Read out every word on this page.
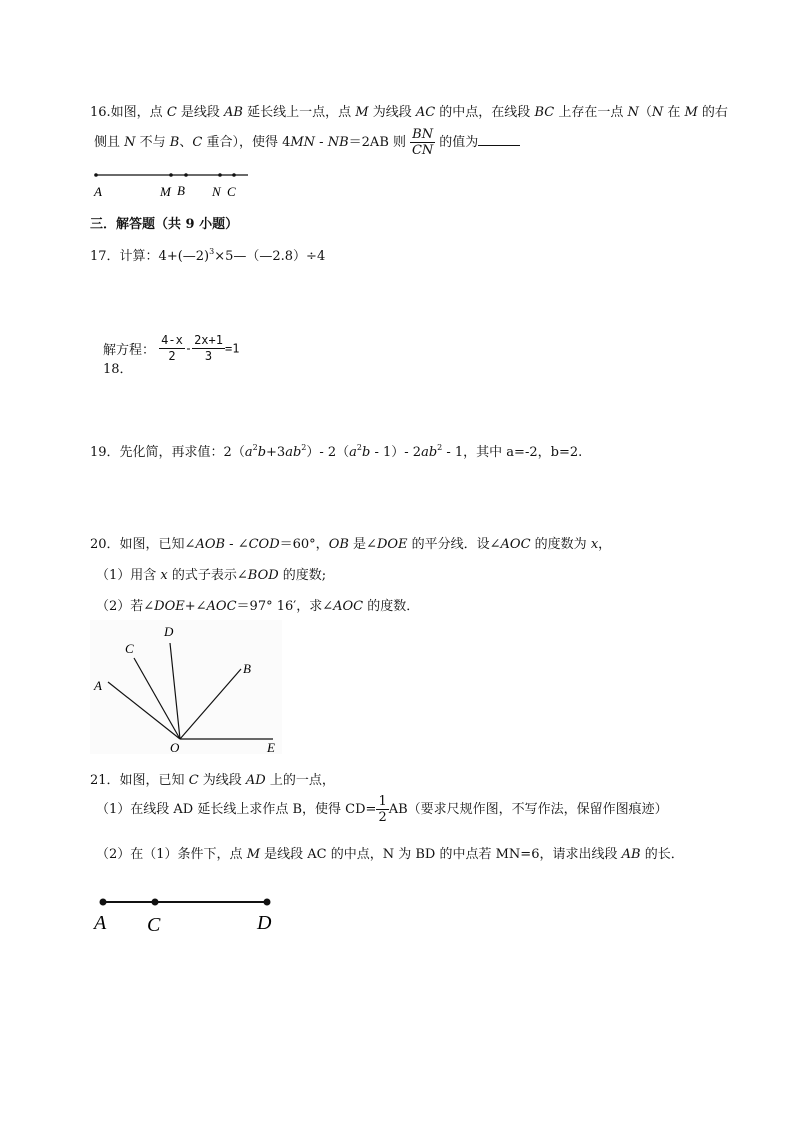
16.如图，点 C 是线段 AB 延长线上一点，点 M 为线段 AC 的中点，在线段 BC 上存在一点 N（N 在 M 的右
侧且 N 不与 B、C 重合），使得 4MN - NB＝2AB 则 $\frac{BN}{CN}$ 的值为
A	M B N C
三．解答题（共 9 小题）
17．计算：4+(—2)$^3$×5—（—2.8）÷4
解方程： $\frac{4-x}{2} - \frac{2x+1}{3} =1$
18．
19．先化简，再求值：$2(a^2b+3ab^2)-$ $2(a^2b - 1)-$ $2ab^2 - 1$，其中 a=-2，b=2.
20．如图，已知∠AOB - ∠COD＝60°，OB 是∠DOE 的平分线．设∠AOC 的度数为 x，
（1）用含 x 的式子表示∠BOD 的度数;
（2）若∠DOE+∠AOC＝97° 16′，求∠AOC 的度数．
D
C
B
A
O	E
21．如图，已知 C 为线段 AD 上的一点，
（1）在线段 AD 延长线上求作点 B，使得 $CD= \frac{1}{2} AB$（要求尺规作图，不写作法，保留作图痕迹）
（2）在（1）条件下，点 M 是线段 AC 的中点，N 为 BD 的中点若 MN=6，请求出线段 AB 的长．
A C	D
